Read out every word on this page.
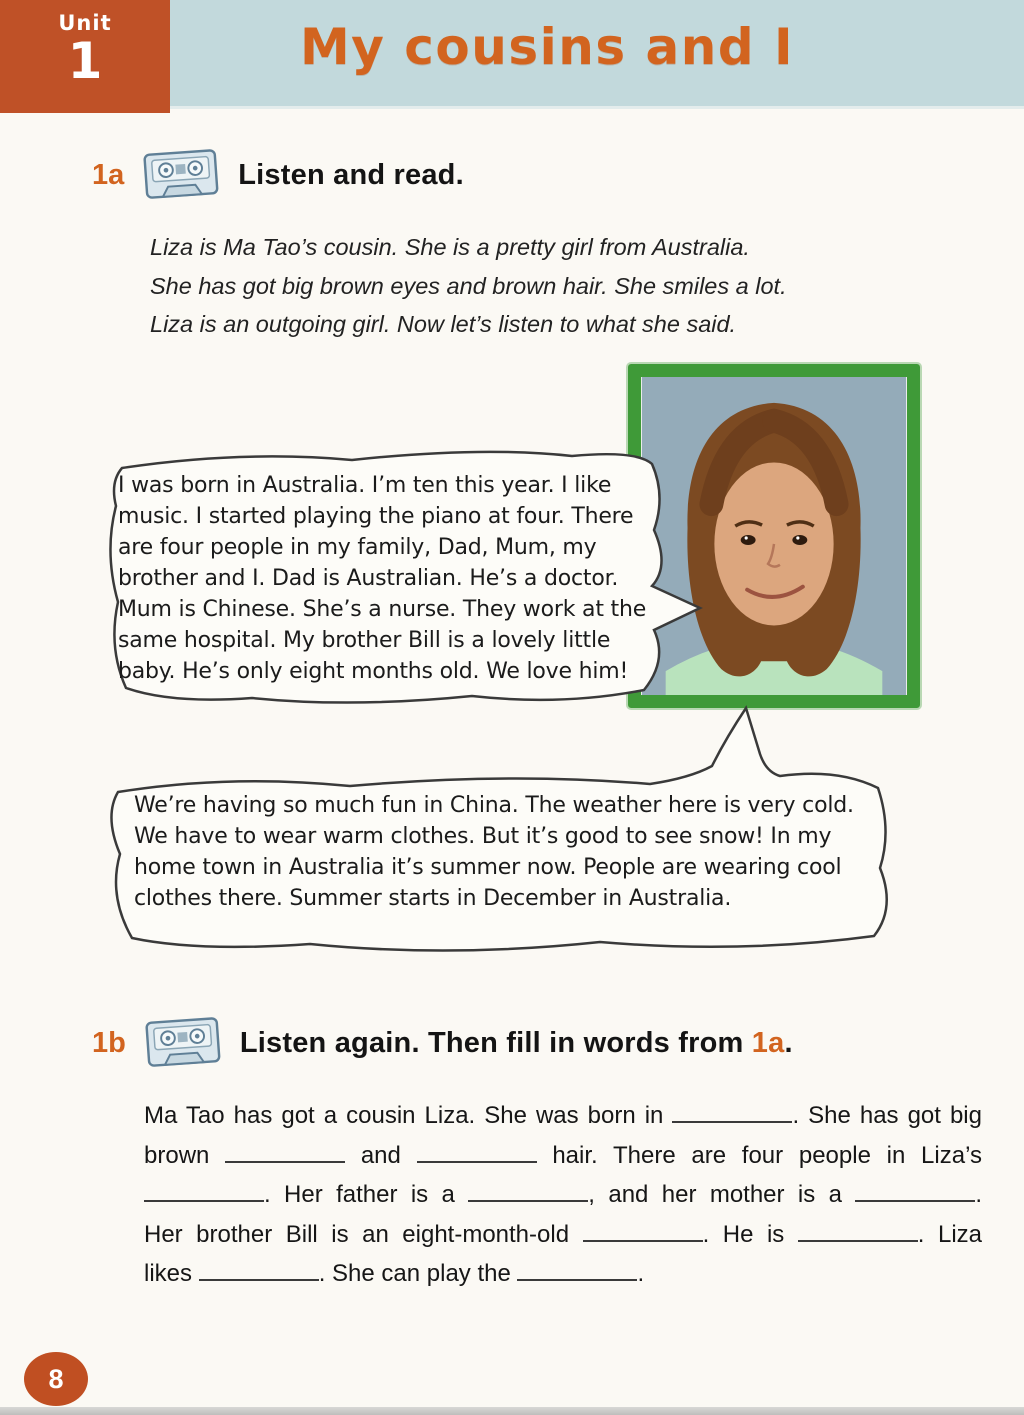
My cousins and I
Unit
1
1a	Listen and read.
Liza is Ma Tao’s cousin. She is a pretty girl from Australia.
She has got big brown eyes and brown hair. She smiles a lot.
Liza is an outgoing girl. Now let’s listen to what she said.
I was born in Australia. I’m ten this year. I like
music. I started playing the piano at four. There
are four people in my family, Dad, Mum, my
brother and I. Dad is Australian. He’s a doctor.
Mum is Chinese. She’s a nurse. They work at the
same hospital. My brother Bill is a lovely little
baby. He’s only eight months old. We love him!
We’re having so much fun in China. The weather here is very cold.
We have to wear warm clothes. But it’s good to see snow! In my
home town in Australia it’s summer now. People are wearing cool
clothes there. Summer starts in December in Australia.
1b	Listen again. Then fill in words from 1a.
Ma Tao has got a cousin Liza. She was born in	. She has got big
brown	and	hair. There are four people in Liza’s
. Her father is a	, and her mother is a	.
Her brother Bill is an eight-month-old	. He is	. Liza
likes	. She can play the	.
8
